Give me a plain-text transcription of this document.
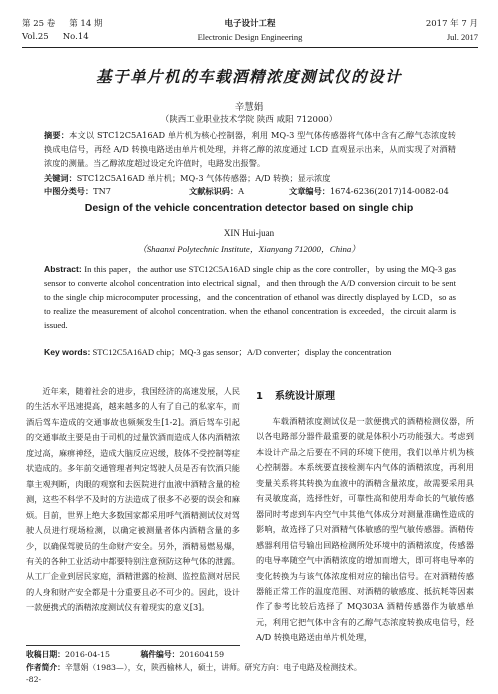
第 25 卷 第 14 期
Vol.25 No.14
电子设计工程
Electronic Design Engineering
2017 年 7 月
Jul. 2017
基于单片机的车载酒精浓度测试仪的设计
辛慧娟
（陕西工业职业技术学院 陕西 咸阳 712000）
摘要：本文以 STC12C5A16AD 单片机为核心控制器，利用 MQ-3 型气体传感器将气体中含有乙醇气态浓度转换成电信号，再经 A/D 转换电路送由单片机处理，并将乙醇的浓度通过 LCD 直观显示出来，从而实现了对酒精浓度的测量。当乙醇浓度超过设定允许值时，电路发出报警。
关键词：STC12C5A16AD 单片机；MQ-3 气体传感器；A/D 转换；显示浓度
中图分类号：TN7	文献标识码：A	文章编号：1674-6236(2017)14-0082-04
Design of the vehicle concentration detector based on single chip
XIN Hui-juan
（Shaanxi Polytechnic Institute，Xianyang 712000，China）
Abstract: In this paper，the author use STC12C5A16AD single chip as the core controller，by using the MQ-3 gas sensor to converte alcohol concentration into electrical signal，and then through the A/D conversion circuit to be sent to the single chip microcomputer processing，and the concentration of ethanol was directly displayed by LCD，so as to realize the measurement of alcohol concentration. when the ethanol concentration is exceeded，the circuit alarm is issued.
Key words: STC12C5A16AD chip；MQ-3 gas sensor；A/D converter；display the concentration

近年来，随着社会的进步，我国经济的高速发展，人民的生活水平迅速提高，越来越多的人有了自己的私家车，而酒后驾车造成的交通事故也频频发生[1-2]。酒后驾车引起的交通事故主要是由于司机的过量饮酒而造成人体内酒精浓度过高，麻痹神经，造成大脑反应迟缓，肢体不受控制等症状造成的。多年前交通管理者判定驾驶人员是否有饮酒只能靠主观判断，肉眼的观察和去医院进行血液中酒精含量的检测，这些不科学不及时的方法造成了很多不必要的误会和麻烦。目前，世界上绝大多数国家都采用呼气酒精测试仪对驾驶人员进行现场检测，以确定被测量者体内酒精含量的多少，以确保驾驶员的生命财产安全。另外，酒精易燃易爆，有关的各种工业活动中都要特别注意预防这种气体的泄露。从工厂企业到居民家庭，酒精泄露的检测、监控监测对居民的人身和财产安全都是十分重要且必不可少的。因此，设计一款便携式的酒精浓度测试仪有着现实的意义[3]。

1 系统设计原理

车载酒精浓度测试仪是一款便携式的酒精检测仪器，所以各电路部分器件最重要的就是体积小巧功能强大。考虑到本设计产品之后要在不同的环境下使用，我们以单片机为核心控制器。本系统要直接检测车内气体的酒精浓度，再利用变量关系将其转换为血液中的酒精含量浓度，故需要采用具有灵敏度高，选择性好，可靠性高和使用寿命长的气敏传感器同时考虑到车内空气中其他气体成分对测量准确性造成的影响，故选择了只对酒精气体敏感的型气敏传感器。酒精传感器利用信号输出回路检测所处环境中的酒精浓度，传感器的电导率随空气中酒精浓度的增加而增大，即可将电导率的变化转换为与该气体浓度相对应的输出信号。在对酒精传感器能正常工作的温度范围、对酒精的敏感度、抵抗耗等因素作了参考比较后选择了 MQ303A 酒精传感器作为敏感单元，利用它把气体中含有的乙醇气态浓度转换成电信号，经 A/D 转换电路送由单片机处理，

收稿日期：2016-04-15	稿件编号：201604159
作者简介：辛慧娟（1983—），女，陕西榆林人，硕士，讲师。研究方向：电子电路及检测技术。
-82-
